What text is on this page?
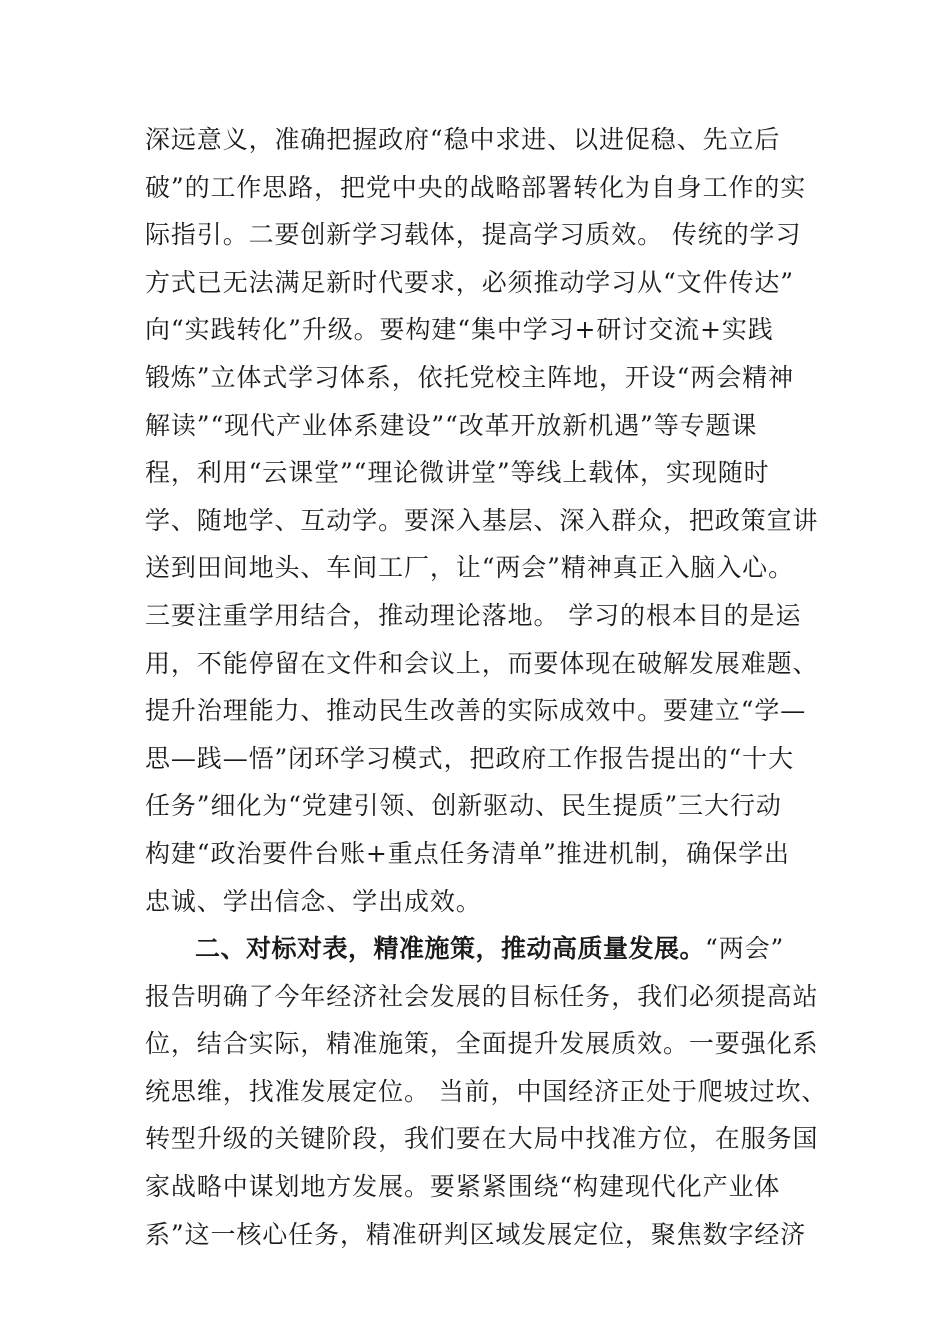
深远意义，准确把握政府“稳中求进、以进促稳、先立后
破”的工作思路，把党中央的战略部署转化为自身工作的实
际指引。二要创新学习载体，提高学习质效。 传统的学习
方式已无法满足新时代要求，必须推动学习从“文件传达”
向“实践转化”升级。要构建“集中学习+研讨交流+实践
锻炼”立体式学习体系，依托党校主阵地，开设“两会精神
解读”“现代产业体系建设”“改革开放新机遇”等专题课
程，利用“云课堂”“理论微讲堂”等线上载体，实现随时
学、随地学、互动学。要深入基层、深入群众，把政策宣讲
送到田间地头、车间工厂，让“两会”精神真正入脑入心。
三要注重学用结合，推动理论落地。 学习的根本目的是运
用，不能停留在文件和会议上，而要体现在破解发展难题、
提升治理能力、推动民生改善的实际成效中。要建立“学—
思—践—悟”闭环学习模式，把政府工作报告提出的“十大
任务”细化为“党建引领、创新驱动、民生提质”三大行动
构建“政治要件台账+重点任务清单”推进机制，确保学出
忠诚、学出信念、学出成效。
二、对标对表，精准施策，推动高质量发展。“两会”
报告明确了今年经济社会发展的目标任务，我们必须提高站
位，结合实际，精准施策，全面提升发展质效。一要强化系
统思维，找准发展定位。 当前，中国经济正处于爬坡过坎、
转型升级的关键阶段，我们要在大局中找准方位，在服务国
家战略中谋划地方发展。要紧紧围绕“构建现代化产业体
系”这一核心任务，精准研判区域发展定位，聚焦数字经济
